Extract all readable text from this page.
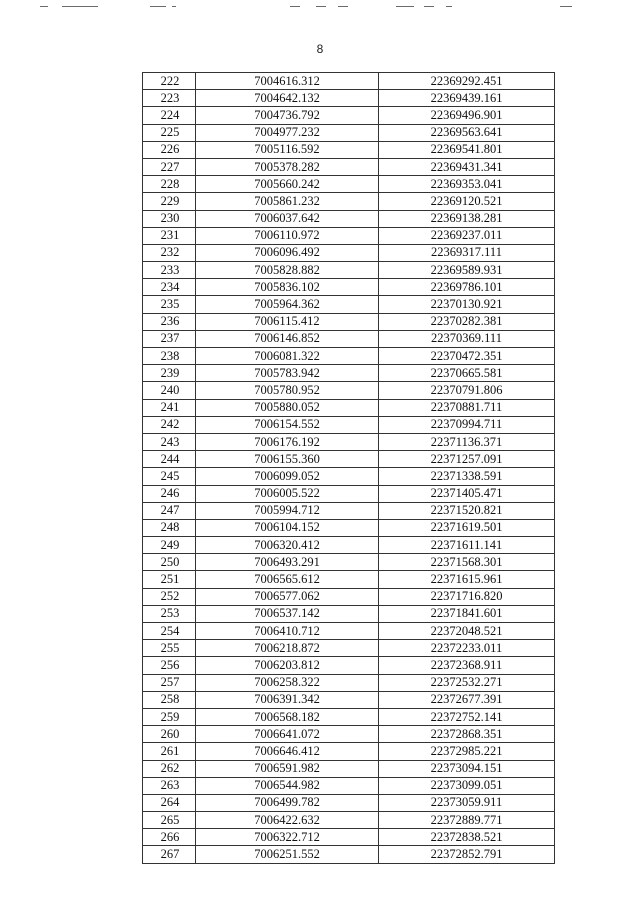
8
222	7004616.312	22369292.451
223	7004642.132	22369439.161
224	7004736.792	22369496.901
225	7004977.232	22369563.641
226	7005116.592	22369541.801
227	7005378.282	22369431.341
228	7005660.242	22369353.041
229	7005861.232	22369120.521
230	7006037.642	22369138.281
231	7006110.972	22369237.011
232	7006096.492	22369317.111
233	7005828.882	22369589.931
234	7005836.102	22369786.101
235	7005964.362	22370130.921
236	7006115.412	22370282.381
237	7006146.852	22370369.111
238	7006081.322	22370472.351
239	7005783.942	22370665.581
240	7005780.952	22370791.806
241	7005880.052	22370881.711
242	7006154.552	22370994.711
243	7006176.192	22371136.371
244	7006155.360	22371257.091
245	7006099.052	22371338.591
246	7006005.522	22371405.471
247	7005994.712	22371520.821
248	7006104.152	22371619.501
249	7006320.412	22371611.141
250	7006493.291	22371568.301
251	7006565.612	22371615.961
252	7006577.062	22371716.820
253	7006537.142	22371841.601
254	7006410.712	22372048.521
255	7006218.872	22372233.011
256	7006203.812	22372368.911
257	7006258.322	22372532.271
258	7006391.342	22372677.391
259	7006568.182	22372752.141
260	7006641.072	22372868.351
261	7006646.412	22372985.221
262	7006591.982	22373094.151
263	7006544.982	22373099.051
264	7006499.782	22373059.911
265	7006422.632	22372889.771
266	7006322.712	22372838.521
267	7006251.552	22372852.791
